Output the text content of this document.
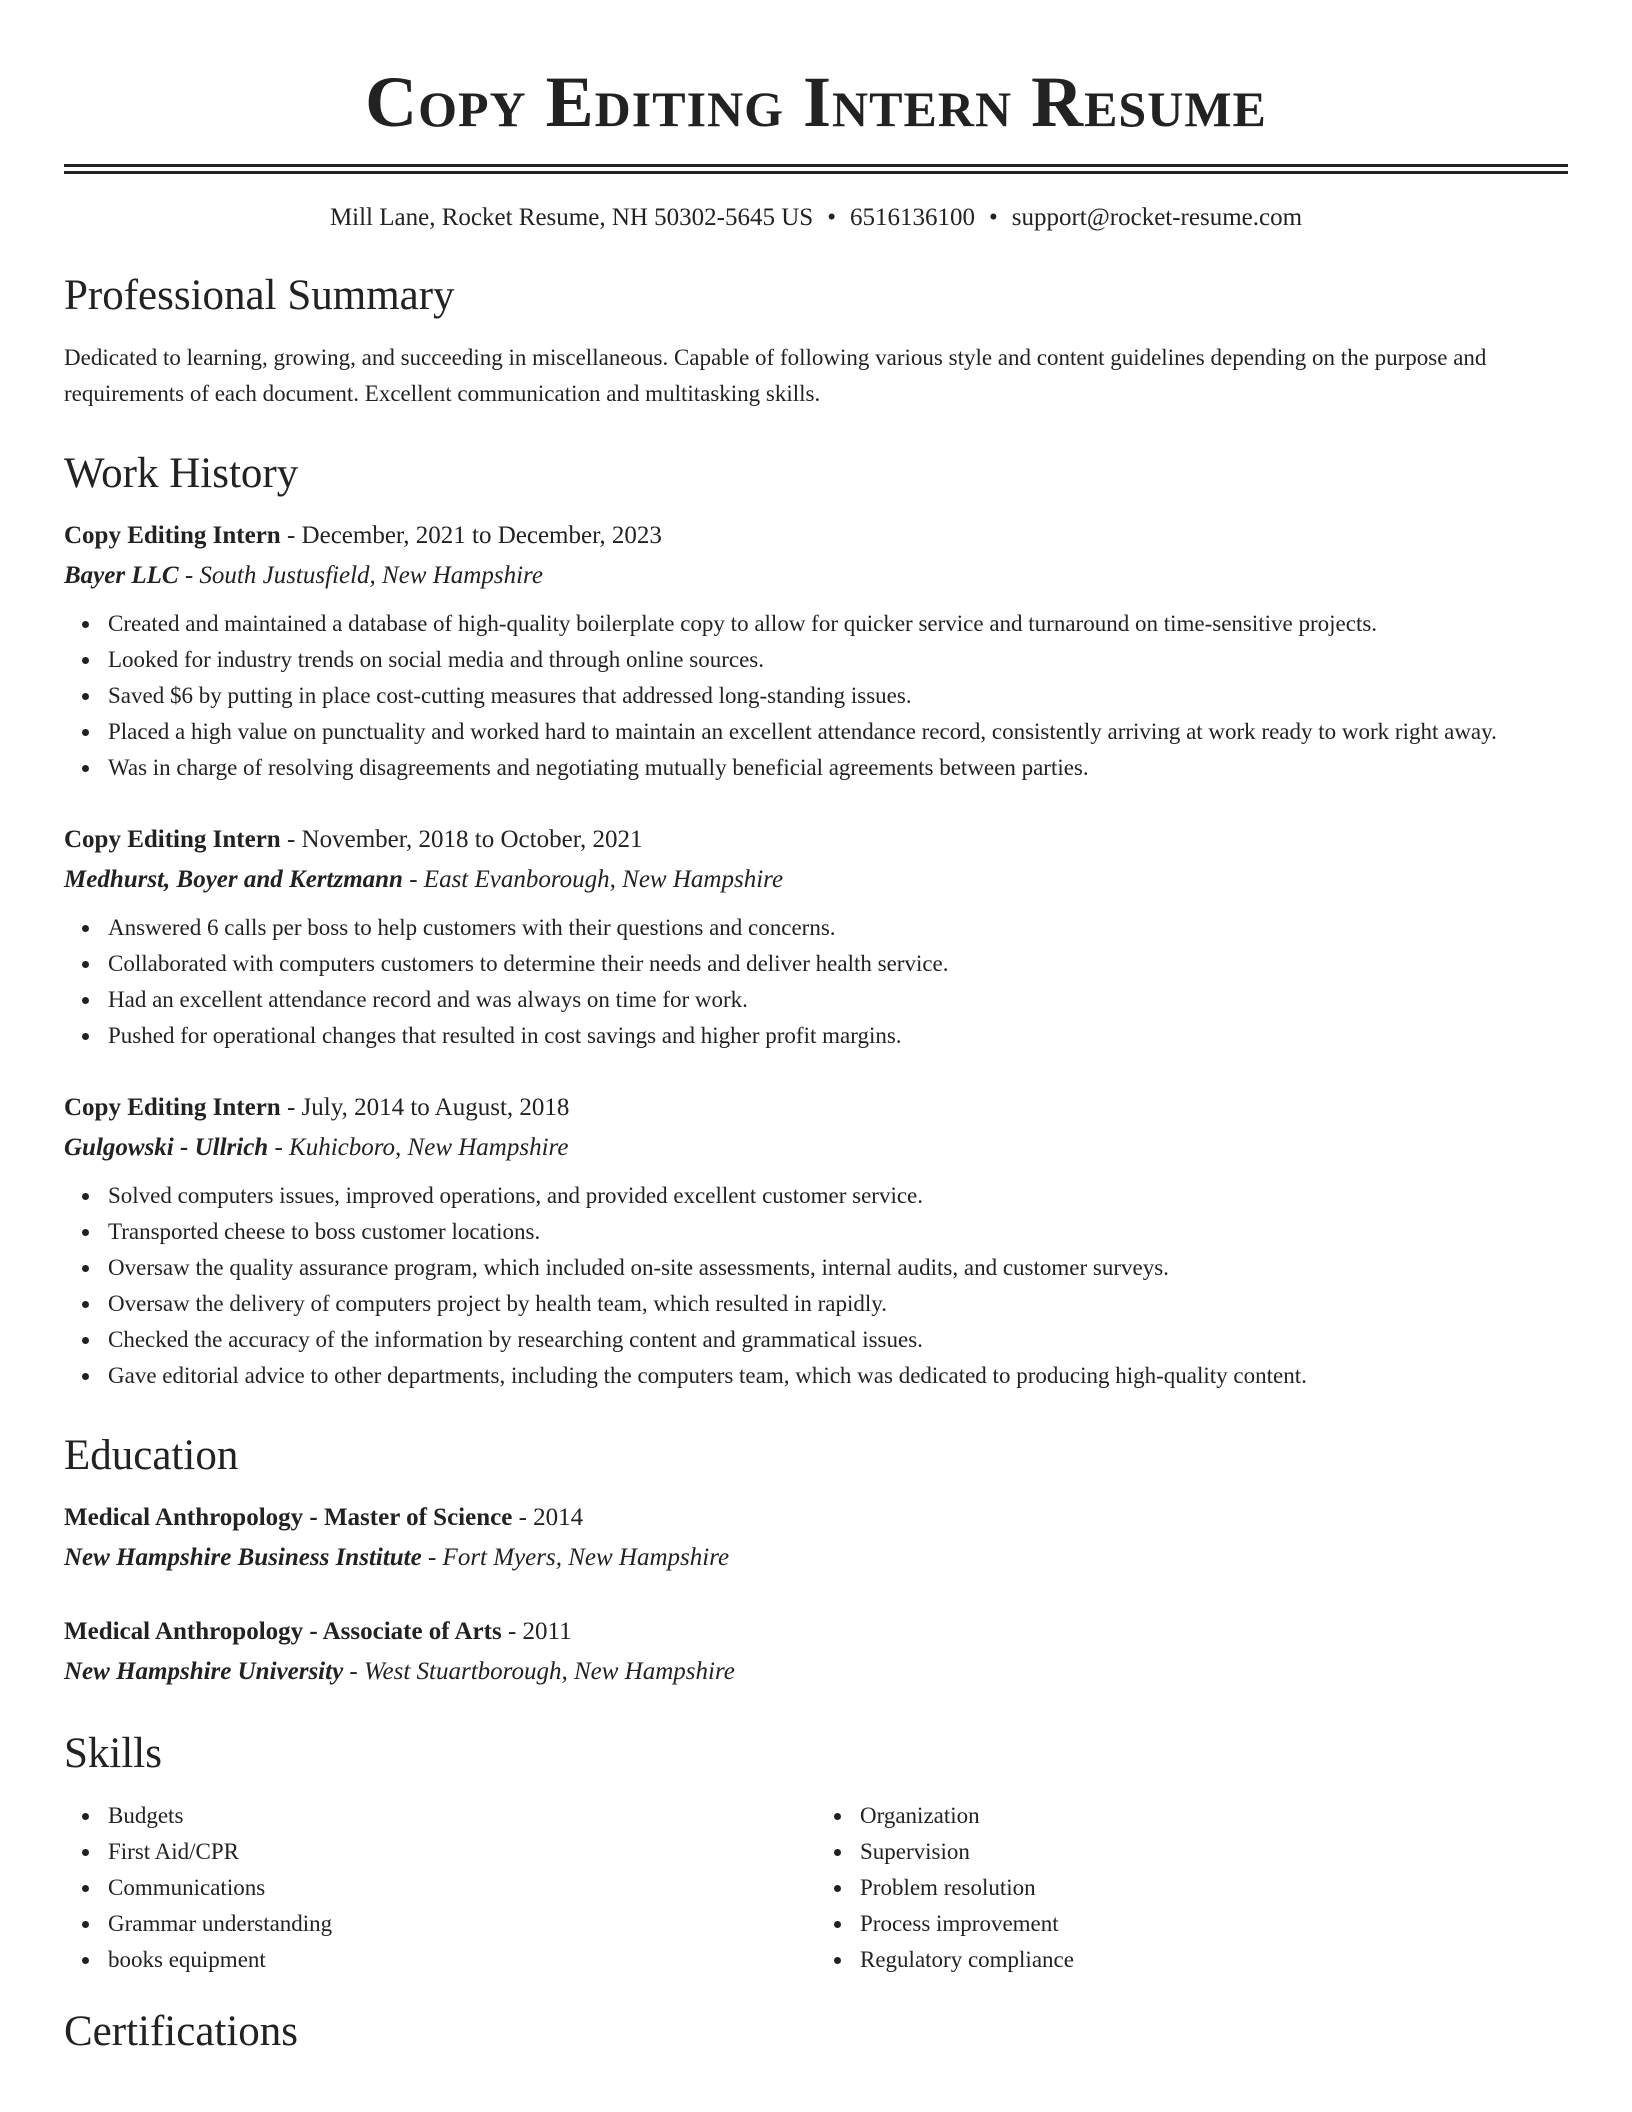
Copy Editing Intern Resume
Mill Lane, Rocket Resume, NH 50302-5645 US • 6516136100 • support@rocket-resume.com
Professional Summary
Dedicated to learning, growing, and succeeding in miscellaneous. Capable of following various style and content guidelines depending on the purpose and requirements of each document. Excellent communication and multitasking skills.
Work History
Copy Editing Intern - December, 2021 to December, 2023
Bayer LLC - South Justusfield, New Hampshire
Created and maintained a database of high-quality boilerplate copy to allow for quicker service and turnaround on time-sensitive projects.
Looked for industry trends on social media and through online sources.
Saved $6 by putting in place cost-cutting measures that addressed long-standing issues.
Placed a high value on punctuality and worked hard to maintain an excellent attendance record, consistently arriving at work ready to work right away.
Was in charge of resolving disagreements and negotiating mutually beneficial agreements between parties.
Copy Editing Intern - November, 2018 to October, 2021
Medhurst, Boyer and Kertzmann - East Evanborough, New Hampshire
Answered 6 calls per boss to help customers with their questions and concerns.
Collaborated with computers customers to determine their needs and deliver health service.
Had an excellent attendance record and was always on time for work.
Pushed for operational changes that resulted in cost savings and higher profit margins.
Copy Editing Intern - July, 2014 to August, 2018
Gulgowski - Ullrich - Kuhicboro, New Hampshire
Solved computers issues, improved operations, and provided excellent customer service.
Transported cheese to boss customer locations.
Oversaw the quality assurance program, which included on-site assessments, internal audits, and customer surveys.
Oversaw the delivery of computers project by health team, which resulted in rapidly.
Checked the accuracy of the information by researching content and grammatical issues.
Gave editorial advice to other departments, including the computers team, which was dedicated to producing high-quality content.
Education
Medical Anthropology - Master of Science - 2014
New Hampshire Business Institute - Fort Myers, New Hampshire
Medical Anthropology - Associate of Arts - 2011
New Hampshire University - West Stuartborough, New Hampshire
Skills
Budgets
First Aid/CPR
Communications
Grammar understanding
books equipment
Organization
Supervision
Problem resolution
Process improvement
Regulatory compliance
Certifications
